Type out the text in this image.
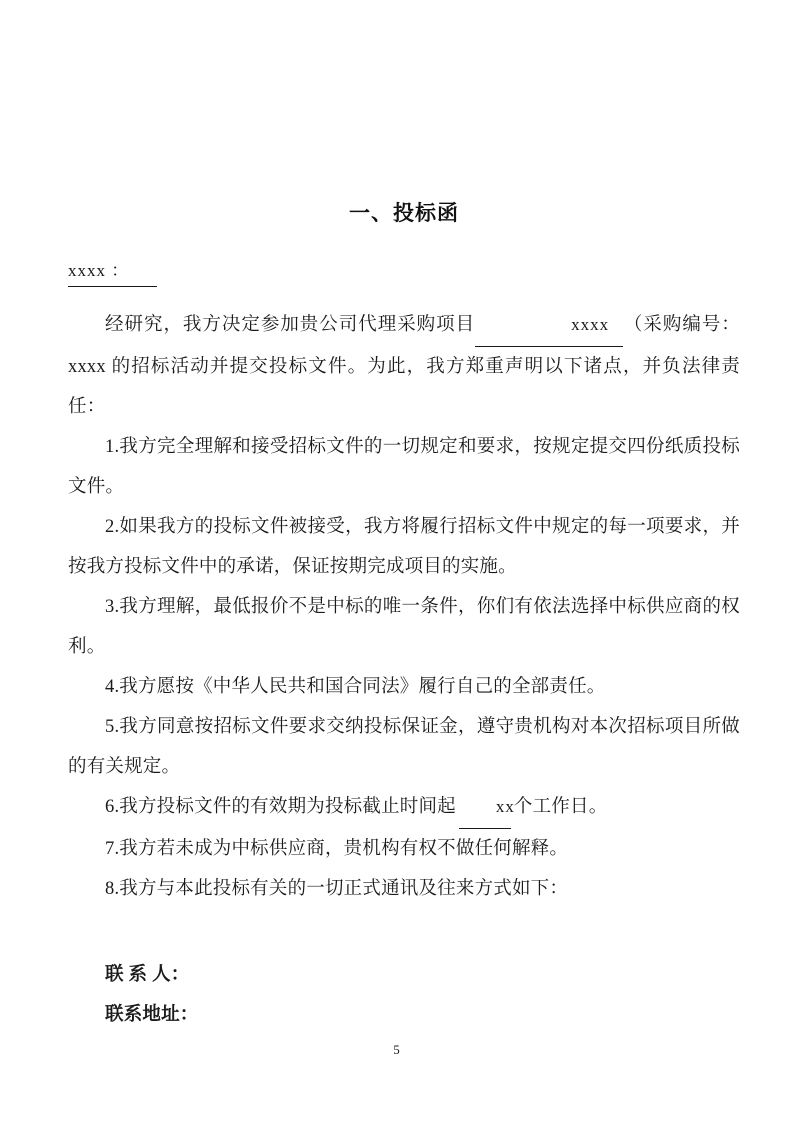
一、投标函
xxxx ：

经研究，我方决定参加贵公司代理采购项目	xxxx （采购编号：xxxx 的招标活动并提交投标文件。为此，我方郑重声明以下诸点，并负法律责任：

1.我方完全理解和接受招标文件的一切规定和要求，按规定提交四份纸质投标文件。

2.如果我方的投标文件被接受，我方将履行招标文件中规定的每一项要求，并按我方投标文件中的承诺，保证按期完成项目的实施。

3.我方理解，最低报价不是中标的唯一条件，你们有依法选择中标供应商的权利。

4.我方愿按《中华人民共和国合同法》履行自己的全部责任。

5.我方同意按招标文件要求交纳投标保证金，遵守贵机构对本次招标项目所做的有关规定。

6.我方投标文件的有效期为投标截止时间起 xx个工作日。

7.我方若未成为中标供应商，贵机构有权不做任何解释。

8.我方与本此投标有关的一切正式通讯及往来方式如下：

联 系 人：

联系地址：

5
